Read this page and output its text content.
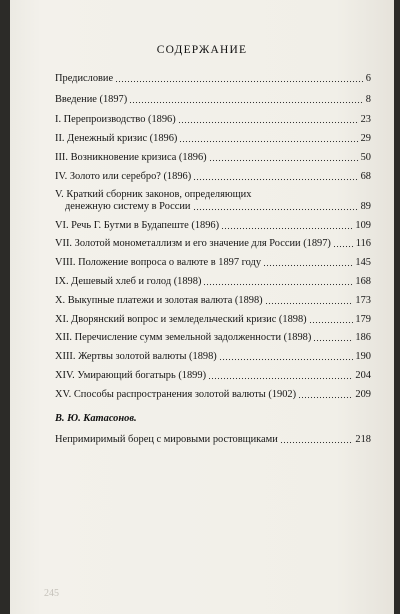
СОДЕРЖАНИЕ
Предисловие	6
Введение (1897)	8
I. Перепроизводство (1896)	23
II. Денежный кризис (1896)	29
III. Возникновение кризиса (1896)	50
IV. Золото или серебро? (1896)	68
V. Краткий сборник законов, определяющих
денежную систему в России	89
VI. Речь Г. Бутми в Будапеште (1896)	109
VII. Золотой монометаллизм и его значение для России (1897) 116
VIII. Положение вопроса о валюте в 1897 году	145
IX. Дешевый хлеб и голод (1898)	168
X. Выкупные платежи и золотая валюта (1898)	173
XI. Дворянский вопрос и земледельческий кризис (1898)	179
XII. Перечисление сумм земельной задолженности (1898)	186
XIII. Жертвы золотой валюты (1898)	190
XIV. Умирающий богатырь (1899)	204
XV. Способы распространения золотой валюты (1902)	209
В. Ю. Катасонов.
Непримиримый борец с мировыми ростовщиками	218
245
